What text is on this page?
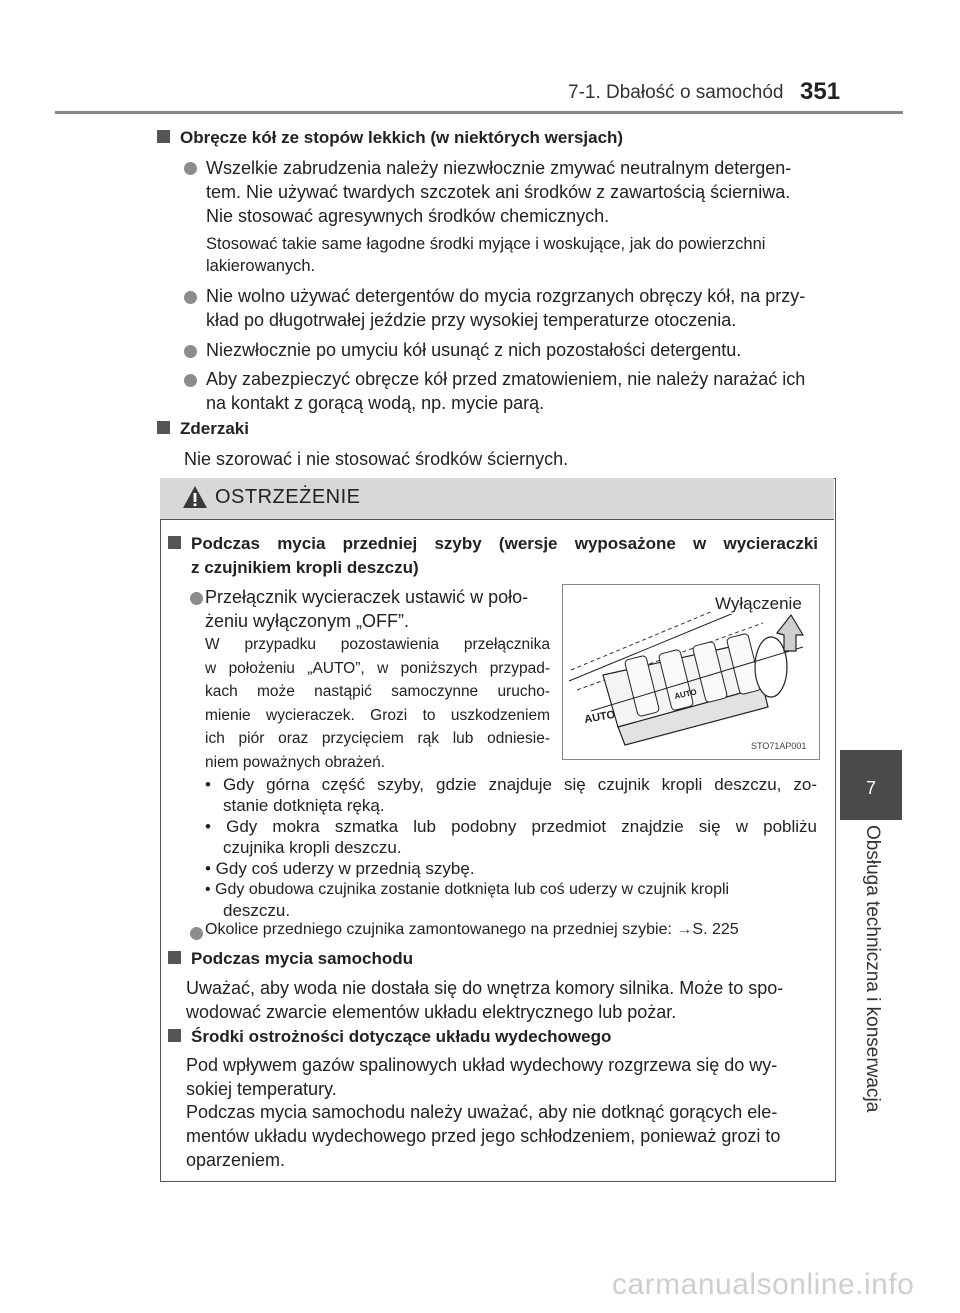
7-1. Dbałość o samochód 351
7
Obsługa techniczna i konserwacja
Obręcze kół ze stopów lekkich (w niektórych wersjach)
Wszelkie zabrudzenia należy niezwłocznie zmywać neutralnym detergen-
tem. Nie używać twardych szczotek ani środków z zawartością ścierniwa.
Nie stosować agresywnych środków chemicznych.
Stosować takie same łagodne środki myjące i woskujące, jak do powierzchni
lakierowanych.
Nie wolno używać detergentów do mycia rozgrzanych obręczy kół, na przy-
kład po długotrwałej jeździe przy wysokiej temperaturze otoczenia.
Niezwłocznie po umyciu kół usunąć z nich pozostałości detergentu.
Aby zabezpieczyć obręcze kół przed zmatowieniem, nie należy narażać ich
na kontakt z gorącą wodą, np. mycie parą.
Zderzaki
Nie szorować i nie stosować środków ściernych.
OSTRZEŻENIE
Podczas mycia przedniej szyby (wersje wyposażone w wycieraczki
z czujnikiem kropli deszczu)
Przełącznik wycieraczek ustawić w poło-
żeniu wyłączonym „OFF”.
W przypadku pozostawienia przełącznika
w położeniu „AUTO”, w poniższych przypad-
kach może nastąpić samoczynne urucho-
mienie wycieraczek. Grozi to uszkodzeniem
ich piór oraz przycięciem rąk lub odniesie-
niem poważnych obrażeń.
AUTO
AUTO
Wyłączenie
STO71AP001
• Gdy górna część szyby, gdzie znajduje się czujnik kropli deszczu, zo-
stanie dotknięta ręką.
• Gdy mokra szmatka lub podobny przedmiot znajdzie się w pobliżu
czujnika kropli deszczu.
• Gdy coś uderzy w przednią szybę.
• Gdy obudowa czujnika zostanie dotknięta lub coś uderzy w czujnik kropli
deszczu.
Okolice przedniego czujnika zamontowanego na przedniej szybie: →S. 225
Podczas mycia samochodu
Uważać, aby woda nie dostała się do wnętrza komory silnika. Może to spo-
wodować zwarcie elementów układu elektrycznego lub pożar.
Środki ostrożności dotyczące układu wydechowego
Pod wpływem gazów spalinowych układ wydechowy rozgrzewa się do wy-
sokiej temperatury.
Podczas mycia samochodu należy uważać, aby nie dotknąć gorących ele-
mentów układu wydechowego przed jego schłodzeniem, ponieważ grozi to
oparzeniem.
carmanualsonline.info
